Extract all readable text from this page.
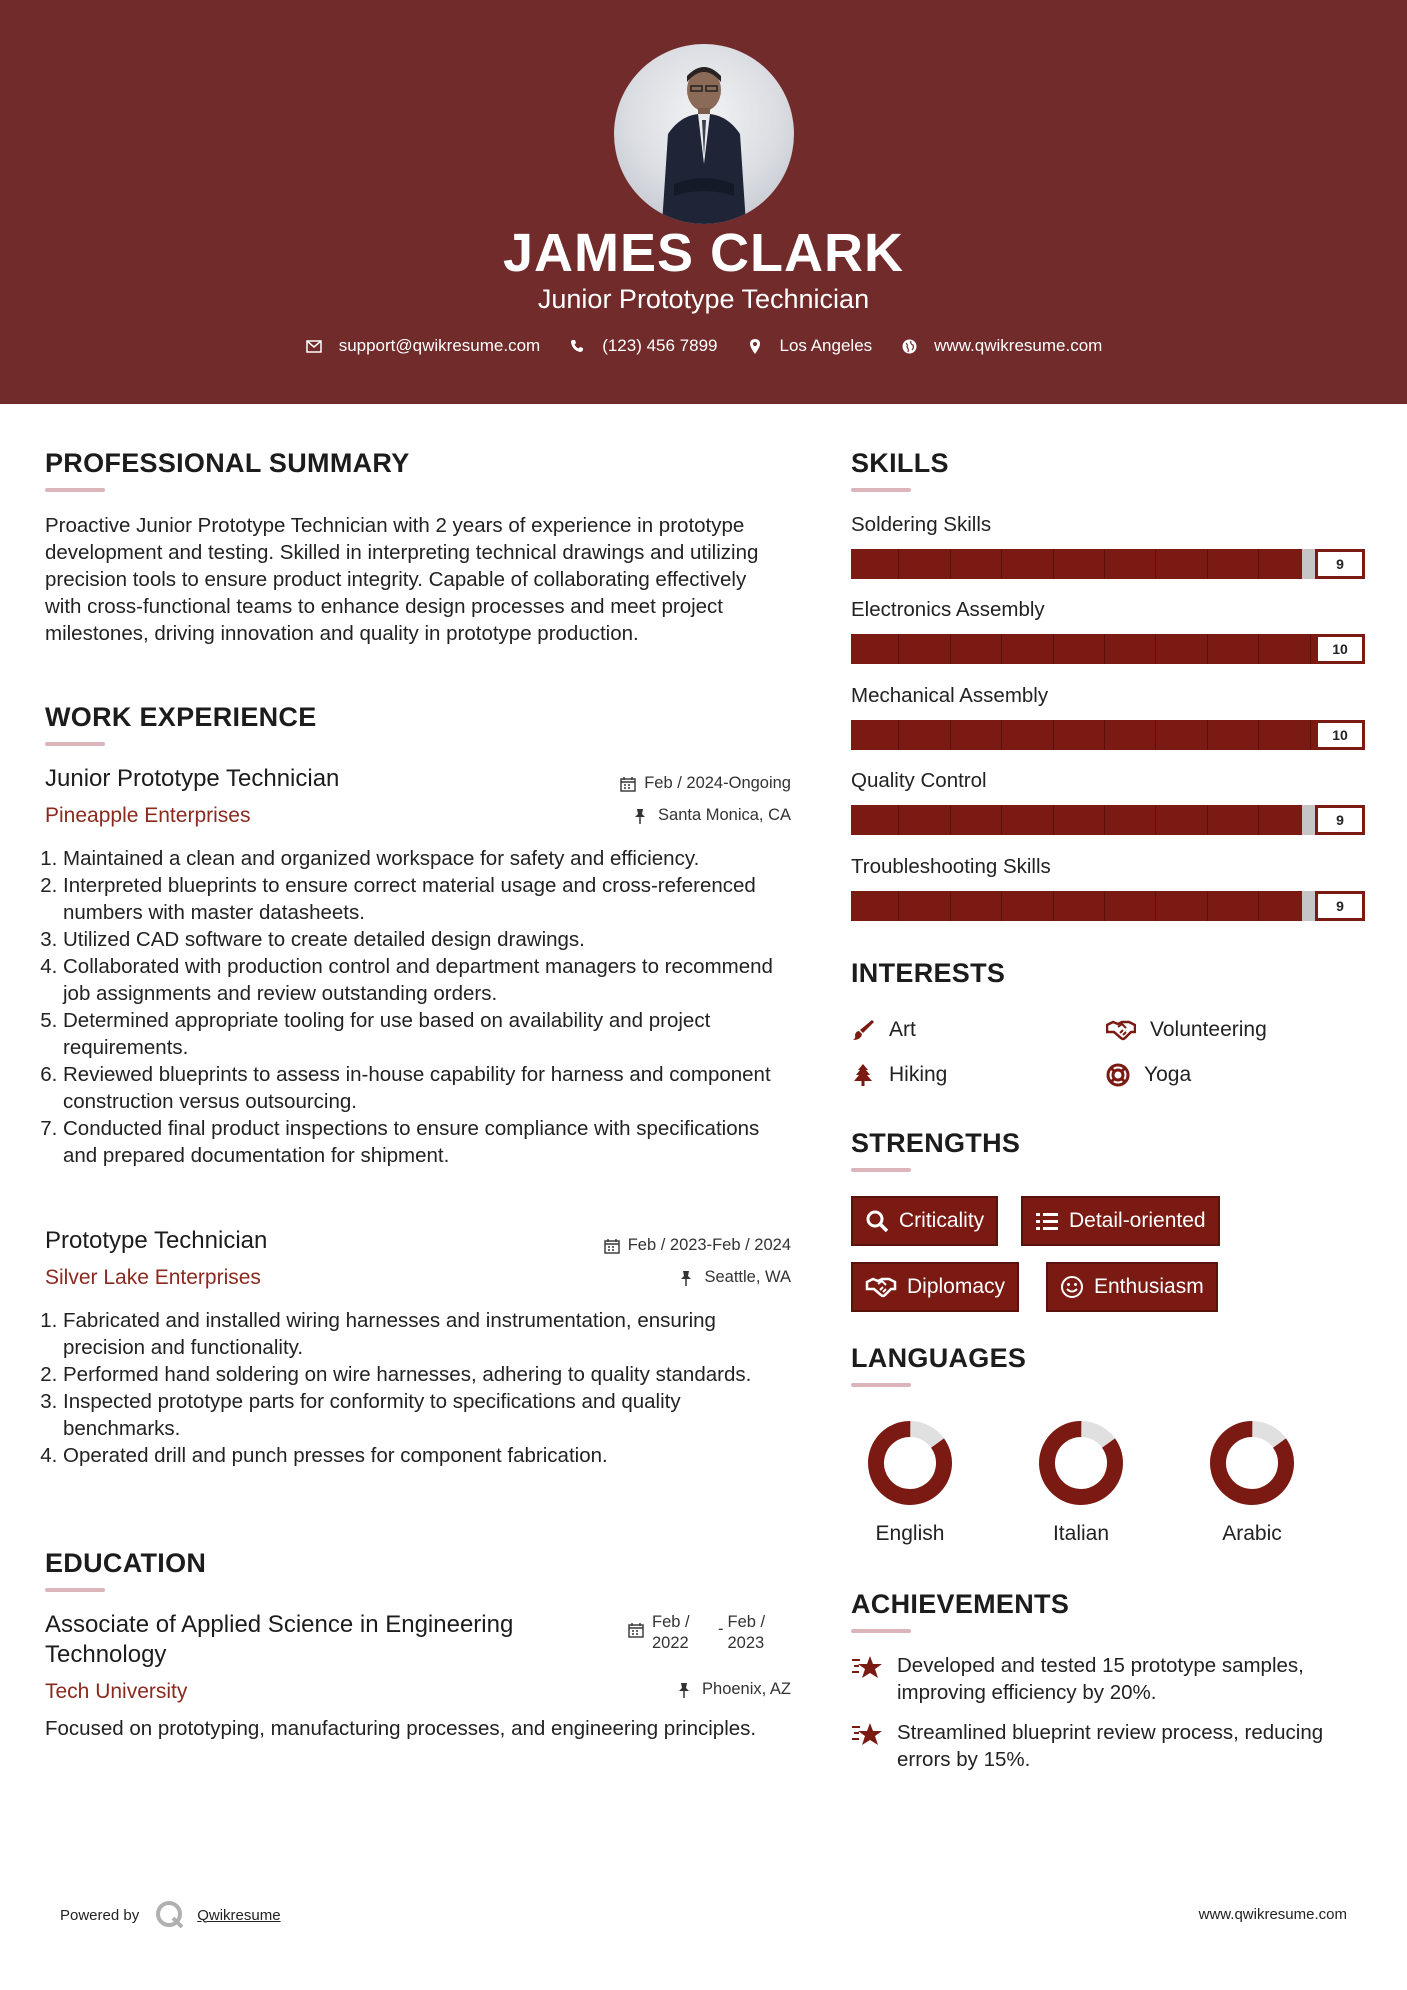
JAMES CLARK
Junior Prototype Technician
support@qwikresume.com	(123) 456 7899	Los Angeles	www.qwikresume.com
PROFESSIONAL SUMMARY
Proactive Junior Prototype Technician with 2 years of experience in prototype development and testing. Skilled in interpreting technical drawings and utilizing precision tools to ensure product integrity. Capable of collaborating effectively with cross-functional teams to enhance design processes and meet project milestones, driving innovation and quality in prototype production.
WORK EXPERIENCE
Junior Prototype Technician
Pineapple Enterprises
Feb / 2024-Ongoing
Santa Monica, CA
1. Maintained a clean and organized workspace for safety and efficiency.
2. Interpreted blueprints to ensure correct material usage and cross-referenced numbers with master datasheets.
3. Utilized CAD software to create detailed design drawings.
4. Collaborated with production control and department managers to recommend job assignments and review outstanding orders.
5. Determined appropriate tooling for use based on availability and project requirements.
6. Reviewed blueprints to assess in-house capability for harness and component construction versus outsourcing.
7. Conducted final product inspections to ensure compliance with specifications and prepared documentation for shipment.
Prototype Technician
Silver Lake Enterprises
Feb / 2023-Feb / 2024
Seattle, WA
1. Fabricated and installed wiring harnesses and instrumentation, ensuring precision and functionality.
2. Performed hand soldering on wire harnesses, adhering to quality standards.
3. Inspected prototype parts for conformity to specifications and quality benchmarks.
4. Operated drill and punch presses for component fabrication.
EDUCATION
Associate of Applied Science in Engineering Technology
Feb / 2022
- Feb / 2023
Tech University	Phoenix, AZ
Focused on prototyping, manufacturing processes, and engineering principles.
SKILLS
Soldering Skills
9
Electronics Assembly
10
Mechanical Assembly
10
Quality Control
9
Troubleshooting Skills
9
INTERESTS
Art	Volunteering
Hiking	Yoga
STRENGTHS
Criticality	Detail-oriented
Diplomacy	Enthusiasm
LANGUAGES
English	Italian	Arabic
ACHIEVEMENTS
Developed and tested 15 prototype samples, improving efficiency by 20%.
Streamlined blueprint review process, reducing errors by 15%.
Powered by	Qwikresume	www.qwikresume.com
